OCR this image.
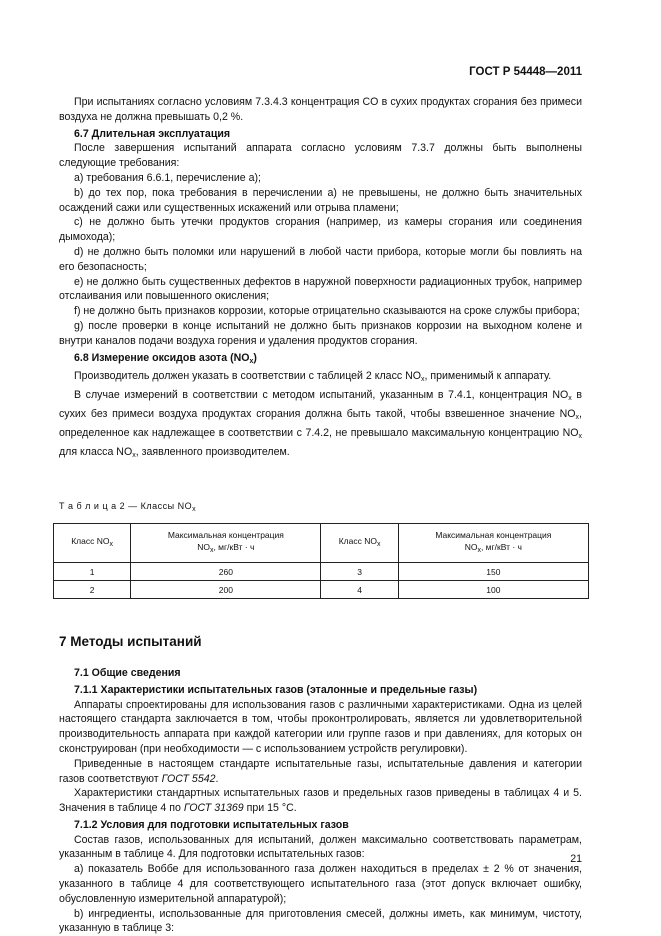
ГОСТ Р 54448—2011

При испытаниях согласно условиям 7.3.4.3 концентрация CO в сухих продуктах сгорания без примеси воздуха не должна превышать 0,2 %.

6.7 Длительная эксплуатация

После завершения испытаний аппарата согласно условиям 7.3.7 должны быть выполнены следующие требования:

а) требования 6.6.1, перечисление а);

b) до тех пор, пока требования в перечислении а) не превышены, не должно быть значительных осаждений сажи или существенных искажений или отрыва пламени;

с) не должно быть утечки продуктов сгорания (например, из камеры сгорания или соединения дымохода);

d) не должно быть поломки или нарушений в любой части прибора, которые могли бы повлиять на его безопасность;

е) не должно быть существенных дефектов в наружной поверхности радиационных трубок, например отслаивания или повышенного окисления;

f) не должно быть признаков коррозии, которые отрицательно сказываются на сроке службы прибора;

g) после проверки в конце испытаний не должно быть признаков коррозии на выходном колене и внутри каналов подачи воздуха горения и удаления продуктов сгорания.

6.8 Измерение оксидов азота $(NO_x)$

Производитель должен указать в соответствии с таблицей 2 класс $NO_x$, применимый к аппарату.

В случае измерений в соответствии с методом испытаний, указанным в 7.4.1, концентрация $NO_x$ в сухих без примеси воздуха продуктах сгорания должна быть такой, чтобы взвешенное значение $NO_x$, определенное как надлежащее в соответствии с 7.4.2, не превышало максимальную концентрацию $NO_x$ для класса $NO_x$, заявленного производителем.

Т а б л и ц а 2 — Классы $NO_x$
Класс $NO_x$	Максимальная концентрация
$NO_x$, мг/кВт · ч	Класс $NO_x$	Максимальная концентрация
$NO_x$, мг/кВт · ч
1	260	3	150
2	200	4	100
7 Методы испытаний
7.1 Общие сведения
7.1.1 Характеристики испытательных газов (эталонные и предельные газы)

Аппараты спроектированы для использования газов с различными характеристиками. Одна из целей настоящего стандарта заключается в том, чтобы проконтролировать, является ли удовлетворительной производительность аппарата при каждой категории или группе газов и при давлениях, для которых он сконструирован (при необходимости — с использованием устройств регулировки).

Приведенные в настоящем стандарте испытательные газы, испытательные давления и категории газов соответствуют ГОСТ 5542.

Характеристики стандартных испытательных газов и предельных газов приведены в таблицах 4 и 5. Значения в таблице 4 по ГОСТ 31369 при 15 °С.

7.1.2 Условия для подготовки испытательных газов

Состав газов, использованных для испытаний, должен максимально соответствовать параметрам, указанным в таблице 4. Для подготовки испытательных газов:

а) показатель Воббе для использованного газа должен находиться в пределах ± 2 % от значения, указанного в таблице 4 для соответствующего испытательного газа (этот допуск включает ошибку, обусловленную измерительной аппаратурой);

b) ингредиенты, использованные для приготовления смесей, должны иметь, как минимум, чистоту, указанную в таблице 3:

21
